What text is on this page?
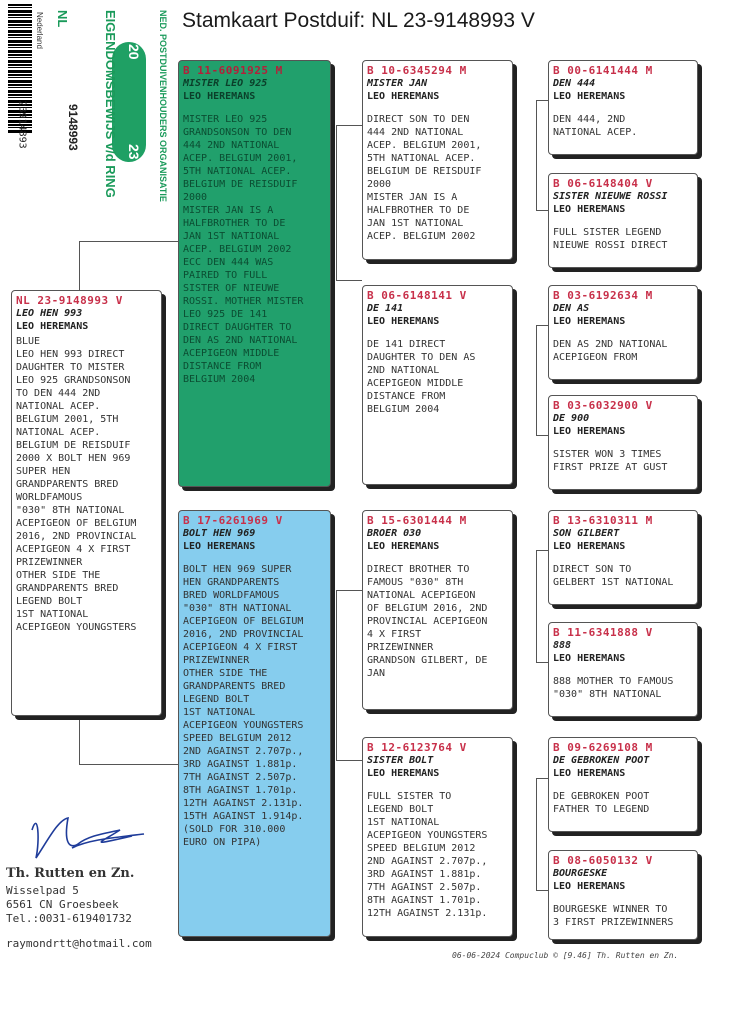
Stamkaart Postduif: NL 23-9148993 V
23914893
Nederland NL
9148993
20
23
EIGENDOMSBEWIJS v/d RING	NED. POSTDUIVENHOUDERS ORGANISATIE
NL 23-9148993 V
LEO HEN 993
LEO HEREMANS
BLUE
LEO HEN 993 DIRECT
DAUGHTER TO MISTER
LEO 925 GRANDSONSON
TO DEN 444 2ND
NATIONAL ACEP.
BELGIUM 2001, 5TH
NATIONAL ACEP.
BELGIUM DE REISDUIF
2000 X BOLT HEN 969
SUPER HEN
GRANDPARENTS BRED
WORLDFAMOUS
"030" 8TH NATIONAL
ACEPIGEON OF BELGIUM
2016, 2ND PROVINCIAL
ACEPIGEON 4 X FIRST
PRIZEWINNER
OTHER SIDE THE
GRANDPARENTS BRED
LEGEND BOLT
1ST NATIONAL
ACEPIGEON YOUNGSTERS
B 11-6091925 M
MISTER LEO 925
LEO HEREMANS
MISTER LEO 925
GRANDSONSON TO DEN
444 2ND NATIONAL
ACEP. BELGIUM 2001,
5TH NATIONAL ACEP.
BELGIUM DE REISDUIF
2000
MISTER JAN IS A
HALFBROTHER TO DE
JAN 1ST NATIONAL
ACEP. BELGIUM 2002
ECC DEN 444 WAS
PAIRED TO FULL
SISTER OF NIEUWE
ROSSI. MOTHER MISTER
LEO 925 DE 141
DIRECT DAUGHTER TO
DEN AS 2ND NATIONAL
ACEPIGEON MIDDLE
DISTANCE FROM
BELGIUM 2004
B 17-6261969 V
BOLT HEN 969
LEO HEREMANS
BOLT HEN 969 SUPER
HEN GRANDPARENTS
BRED WORLDFAMOUS
"030" 8TH NATIONAL
ACEPIGEON OF BELGIUM
2016, 2ND PROVINCIAL
ACEPIGEON 4 X FIRST
PRIZEWINNER
OTHER SIDE THE
GRANDPARENTS BRED
LEGEND BOLT
1ST NATIONAL
ACEPIGEON YOUNGSTERS
SPEED BELGIUM 2012
2ND AGAINST 2.707p.,
3RD AGAINST 1.881p.
7TH AGAINST 2.507p.
8TH AGAINST 1.701p.
12TH AGAINST 2.131p.
15TH AGAINST 1.914p.
(SOLD FOR 310.000
EURO ON PIPA)
B 10-6345294 M
MISTER JAN
LEO HEREMANS
DIRECT SON TO DEN
444 2ND NATIONAL
ACEP. BELGIUM 2001,
5TH NATIONAL ACEP.
BELGIUM DE REISDUIF
2000
MISTER JAN IS A
HALFBROTHER TO DE
JAN 1ST NATIONAL
ACEP. BELGIUM 2002
B 06-6148141 V
DE 141
LEO HEREMANS
DE 141 DIRECT
DAUGHTER TO DEN AS
2ND NATIONAL
ACEPIGEON MIDDLE
DISTANCE FROM
BELGIUM 2004
B 15-6301444 M
BROER 030
LEO HEREMANS
DIRECT BROTHER TO
FAMOUS "030" 8TH
NATIONAL ACEPIGEON
OF BELGIUM 2016, 2ND
PROVINCIAL ACEPIGEON
4 X FIRST
PRIZEWINNER
GRANDSON GILBERT, DE
JAN
B 12-6123764 V
SISTER BOLT
LEO HEREMANS
FULL SISTER TO
LEGEND BOLT
1ST NATIONAL
ACEPIGEON YOUNGSTERS
SPEED BELGIUM 2012
2ND AGAINST 2.707p.,
3RD AGAINST 1.881p.
7TH AGAINST 2.507p.
8TH AGAINST 1.701p.
12TH AGAINST 2.131p.
B 00-6141444 M
DEN 444
LEO HEREMANS
DEN 444, 2ND
NATIONAL ACEP.
B 06-6148404 V
SISTER NIEUWE ROSSI
LEO HEREMANS
FULL SISTER LEGEND
NIEUWE ROSSI DIRECT
B 03-6192634 M
DEN AS
LEO HEREMANS
DEN AS 2ND NATIONAL
ACEPIGEON FROM
B 03-6032900 V
DE 900
LEO HEREMANS
SISTER WON 3 TIMES
FIRST PRIZE AT GUST
B 13-6310311 M
SON GILBERT
LEO HEREMANS
DIRECT SON TO
GELBERT 1ST NATIONAL
B 11-6341888 V
888
LEO HEREMANS
888 MOTHER TO FAMOUS
"030" 8TH NATIONAL
B 09-6269108 M
DE GEBROKEN POOT
LEO HEREMANS
DE GEBROKEN POOT
FATHER TO LEGEND
B 08-6050132 V
BOURGESKE
LEO HEREMANS
BOURGESKE WINNER TO
3 FIRST PRIZEWINNERS
Th. Rutten en Zn.
Wisselpad 5
6561 CN Groesbeek
Tel.:0031-619401732
raymondrtt@hotmail.com
06-06-2024 Compuclub © [9.46] Th. Rutten en Zn.
